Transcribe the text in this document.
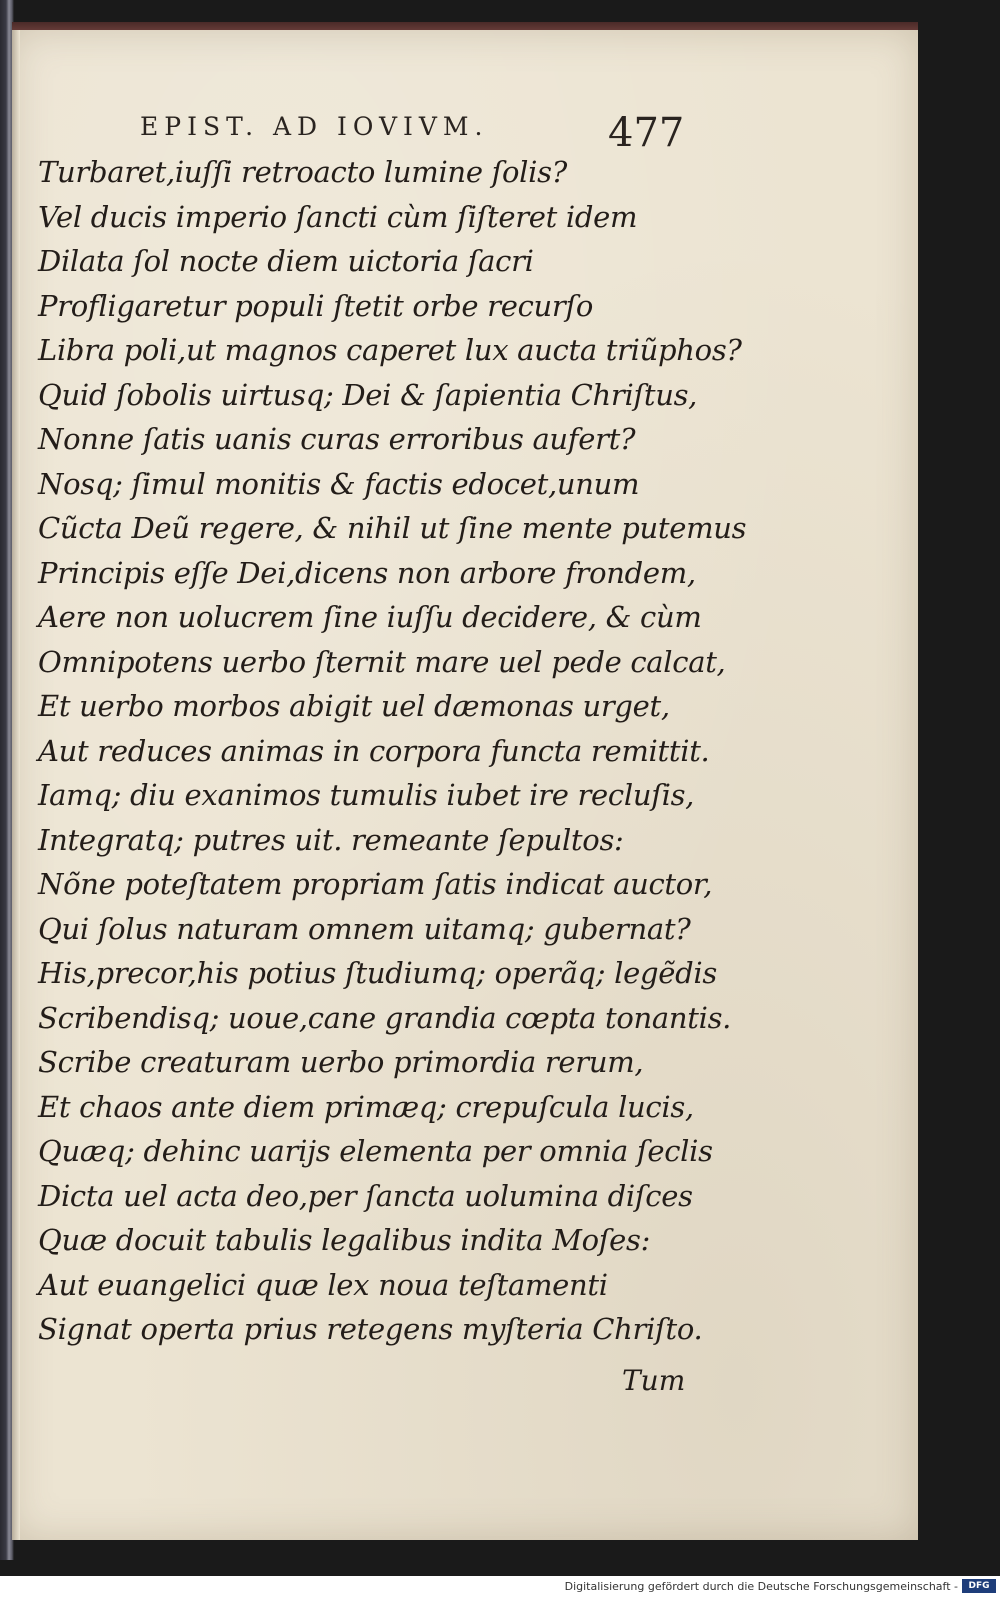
EPIST. AD IOVIVM.	477
Turbaret,iuſſi retroacto lumine ſolis?
Vel ducis imperio ſancti cùm ſiſteret idem
Dilata ſol nocte diem uictoria ſacri
Profligaretur populi ſtetit orbe recurſo
Libra poli,ut magnos caperet lux aucta triũphos?
Quid ſobolis uirtusq; Dei & ſapientia Chriſtus,
Nonne ſatis uanis curas erroribus aufert?
Nosq; ſimul monitis & factis edocet,unum
Cũcta Deũ regere, & nihil ut ſine mente putemus
Principis eſſe Dei,dicens non arbore frondem,
Aere non uolucrem ſine iuſſu decidere, & cùm
Omnipotens uerbo ſternit mare uel pede calcat,
Et uerbo morbos abigit uel dæmonas urget,
Aut reduces animas in corpora functa remittit.
Iamq; diu exanimos tumulis iubet ire recluſis,
Integratq; putres uit. remeante ſepultos:
Nõne poteſtatem propriam ſatis indicat auctor,
Qui ſolus naturam omnem uitamq; gubernat?
His,precor,his potius ſtudiumq; operãq; legẽdis
Scribendisq; uoue,cane grandia cœpta tonantis.
Scribe creaturam uerbo primordia rerum,
Et chaos ante diem primæq; crepuſcula lucis,
Quæq; dehinc uarijs elementa per omnia ſeclis
Dicta uel acta deo,per ſancta uolumina diſces
Quæ docuit tabulis legalibus indita Moſes:
Aut euangelici quæ lex noua teſtamenti
Signat operta prius retegens myſteria Chriſto.
Tum
Digitalisierung gefördert durch die Deutsche Forschungsgemeinschaft -	DFG
